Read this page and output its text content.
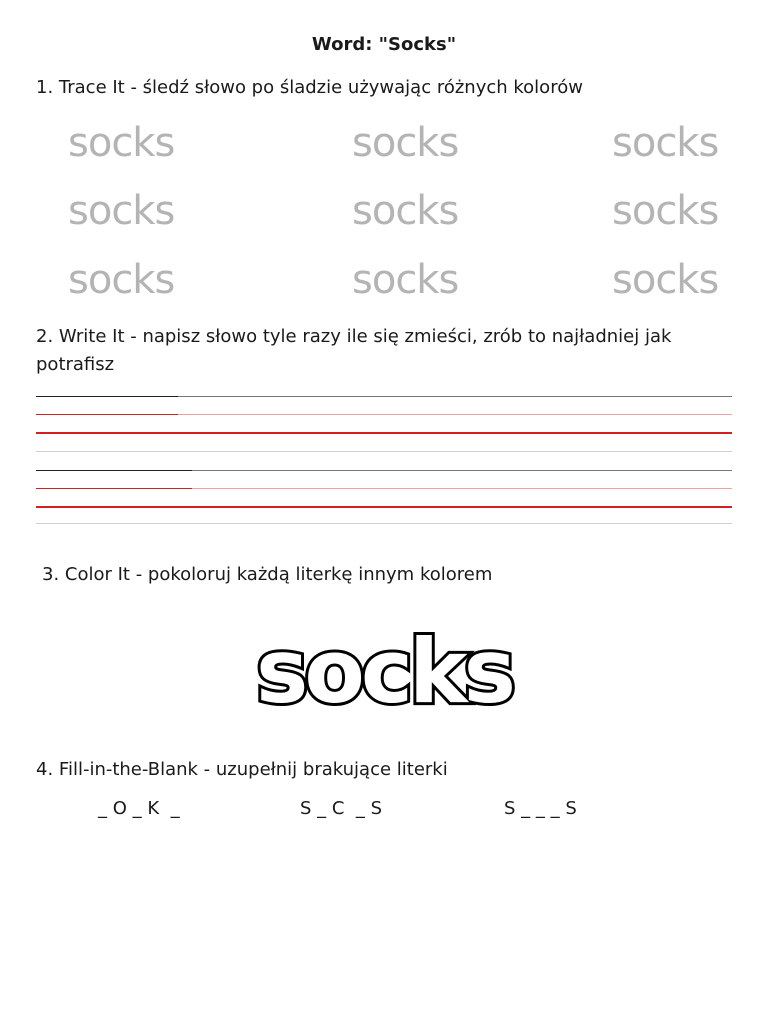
Word: "Socks"
1. Trace It - śledź słowo po śladzie używając różnych kolorów
socks	socks	socks
socks	socks	socks
socks	socks	socks
2. Write It - napisz słowo tyle razy ile się zmieści, zrób to najładniej jak potrafisz
3. Color It - pokoloruj każdą literkę innym kolorem
socks
4. Fill-in-the-Blank - uzupełnij brakujące literki
_ O _ K  _	S _ C  _ S	S _ _ _ S
